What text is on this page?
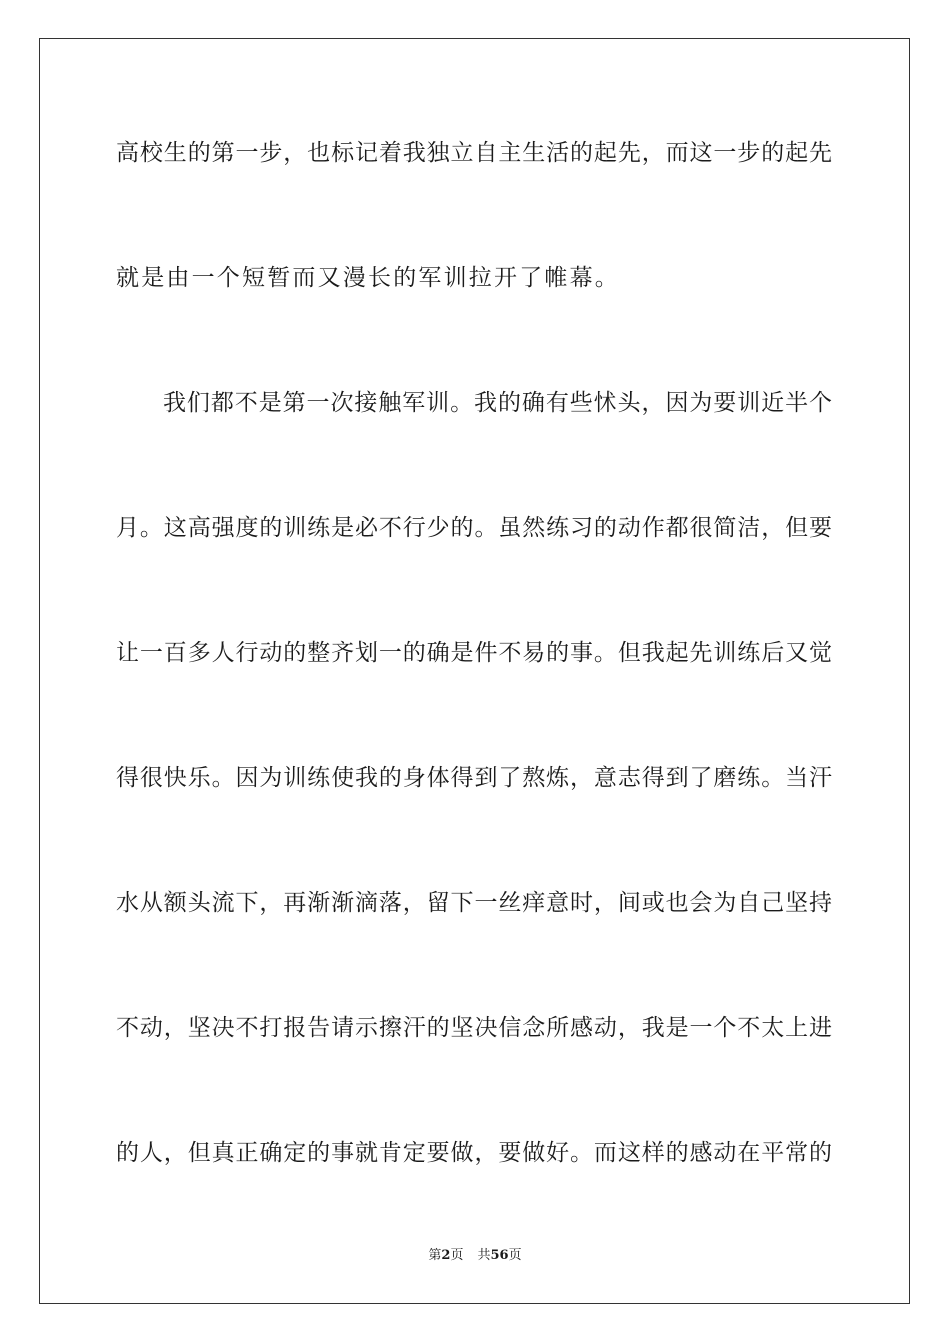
高校生的第一步，也标记着我独立自主生活的起先，而这一步的起先
就是由一个短暂而又漫长的军训拉开了帷幕。
我们都不是第一次接触军训。我的确有些怵头，因为要训近半个
月。这高强度的训练是必不行少的。虽然练习的动作都很简洁，但要
让一百多人行动的整齐划一的确是件不易的事。但我起先训练后又觉
得很快乐。因为训练使我的身体得到了熬炼，意志得到了磨练。当汗
水从额头流下，再渐渐滴落，留下一丝痒意时，间或也会为自己坚持
不动，坚决不打报告请示擦汗的坚决信念所感动，我是一个不太上进
的人，但真正确定的事就肯定要做，要做好。而这样的感动在平常的
第2页 共56页
